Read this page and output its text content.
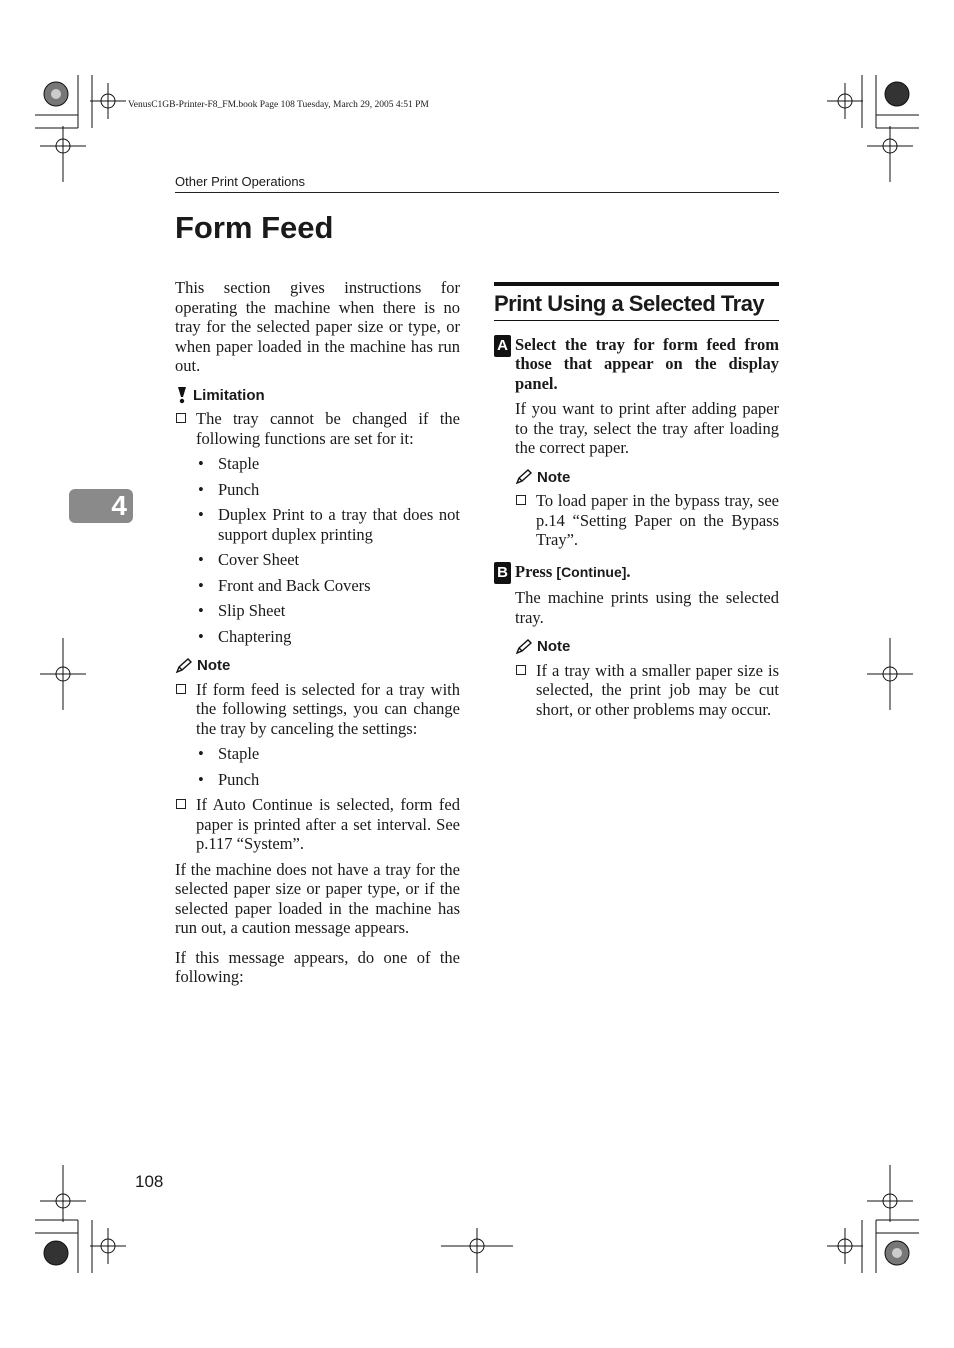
VenusC1GB-Printer-F8_FM.book Page 108 Tuesday, March 29, 2005 4:51 PM
Other Print Operations
Form Feed
4

This section gives instructions for operating the machine when there is no tray for the selected paper size or type, or when paper loaded in the machine has run out.

Limitation
The tray cannot be changed if the following functions are set for it:
• Staple
• Punch
• Duplex Print to a tray that does not support duplex printing
• Cover Sheet
• Front and Back Covers
• Slip Sheet
• Chaptering
Note
If form feed is selected for a tray with the following settings, you can change the tray by canceling the settings:
• Staple
• Punch
If Auto Continue is selected, form fed paper is printed after a set interval. See p.117 “System”.

If the machine does not have a tray for the selected paper size or paper type, or if the selected paper loaded in the machine has run out, a caution message appears.

If this message appears, do one of the following:

Print Using a Selected Tray
A Select the tray for form feed from those that appear on the display panel.
If you want to print after adding paper to the tray, select the tray after loading the correct paper.
Note
To load paper in the bypass tray, see p.14 “Setting Paper on the Bypass Tray”.
B Press [Continue].
The machine prints using the selected tray.
Note
If a tray with a smaller paper size is selected, the print job may be cut short, or other problems may occur.
108
